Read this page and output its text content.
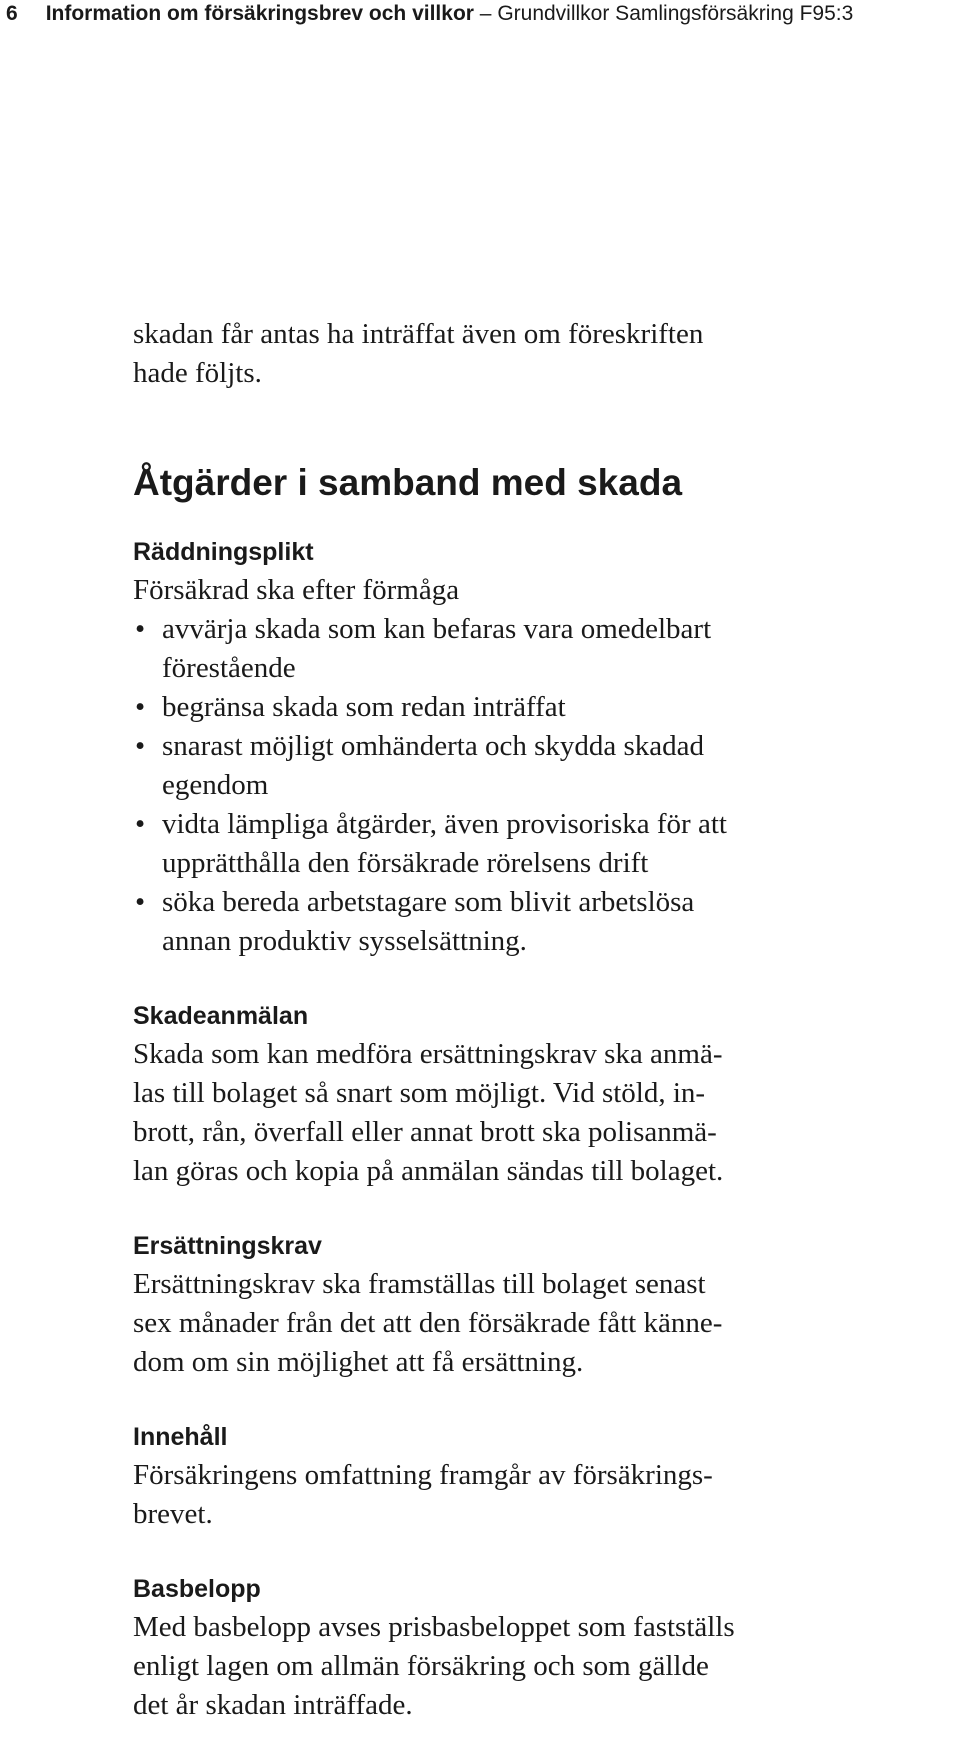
6 Information om försäkringsbrev och villkor – Grundvillkor Samlingsförsäkring F95:3

skadan får antas ha inträffat även om föreskriften
hade följts.

Åtgärder i samband med skada
Räddningsplikt

Försäkrad ska efter förmåga

• avvärja skada som kan befaras vara omedelbart
förestående
• begränsa skada som redan inträffat
• snarast möjligt omhänderta och skydda skadad
egendom
• vidta lämpliga åtgärder, även provisoriska för att
upprätthålla den försäkrade rörelsens drift
• söka bereda arbetstagare som blivit arbetslösa
annan produktiv sysselsättning.
Skadeanmälan

Skada som kan medföra ersättningskrav ska anmä-
las till bolaget så snart som möjligt. Vid stöld, in-
brott, rån, överfall eller annat brott ska polisanmä-
lan göras och kopia på anmälan sändas till bolaget.

Ersättningskrav

Ersättningskrav ska framställas till bolaget senast
sex månader från det att den försäkrade fått känne-
dom om sin möjlighet att få ersättning.

Innehåll

Försäkringens omfattning framgår av försäkrings-
brevet.

Basbelopp

Med basbelopp avses prisbasbeloppet som fastställs
enligt lagen om allmän försäkring och som gällde
det år skadan inträffade.
